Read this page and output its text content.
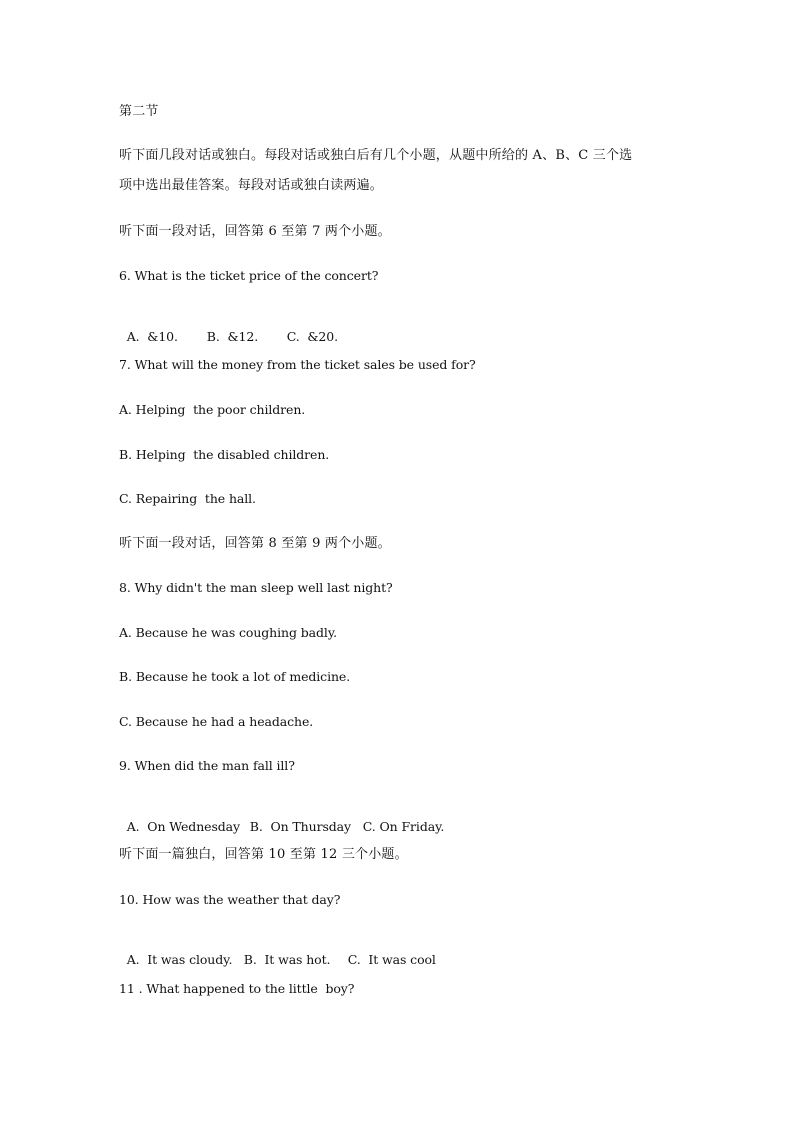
第二节
听下面几段对话或独白。每段对话或独白后有几个小题，从题中所给的 A、B、C 三个选
项中选出最佳答案。每段对话或独白读两遍。
听下面一段对话，回答第 6 至第 7 两个小题。
6. What is the ticket price of the concert?

A.  &10. B.  &12. C.  &20.

7. What will the money from the ticket sales be used for?
A. Helping  the poor children.
B. Helping  the disabled children.
C. Repairing  the hall.
听下面一段对话，回答第 8 至第 9 两个小题。
8. Why didn't the man sleep well last night?
A. Because he was coughing badly.
B. Because he took a lot of medicine.
C. Because he had a headache.
9. When did the man fall ill?

A.  On Wednesday B.  On Thursday C. On Friday.

听下面一篇独白，回答第 10 至第 12 三个小题。
10. How was the weather that day?

A.  It was cloudy. B.  It was hot. C.  It was cool

11 . What happened to the little  boy?
